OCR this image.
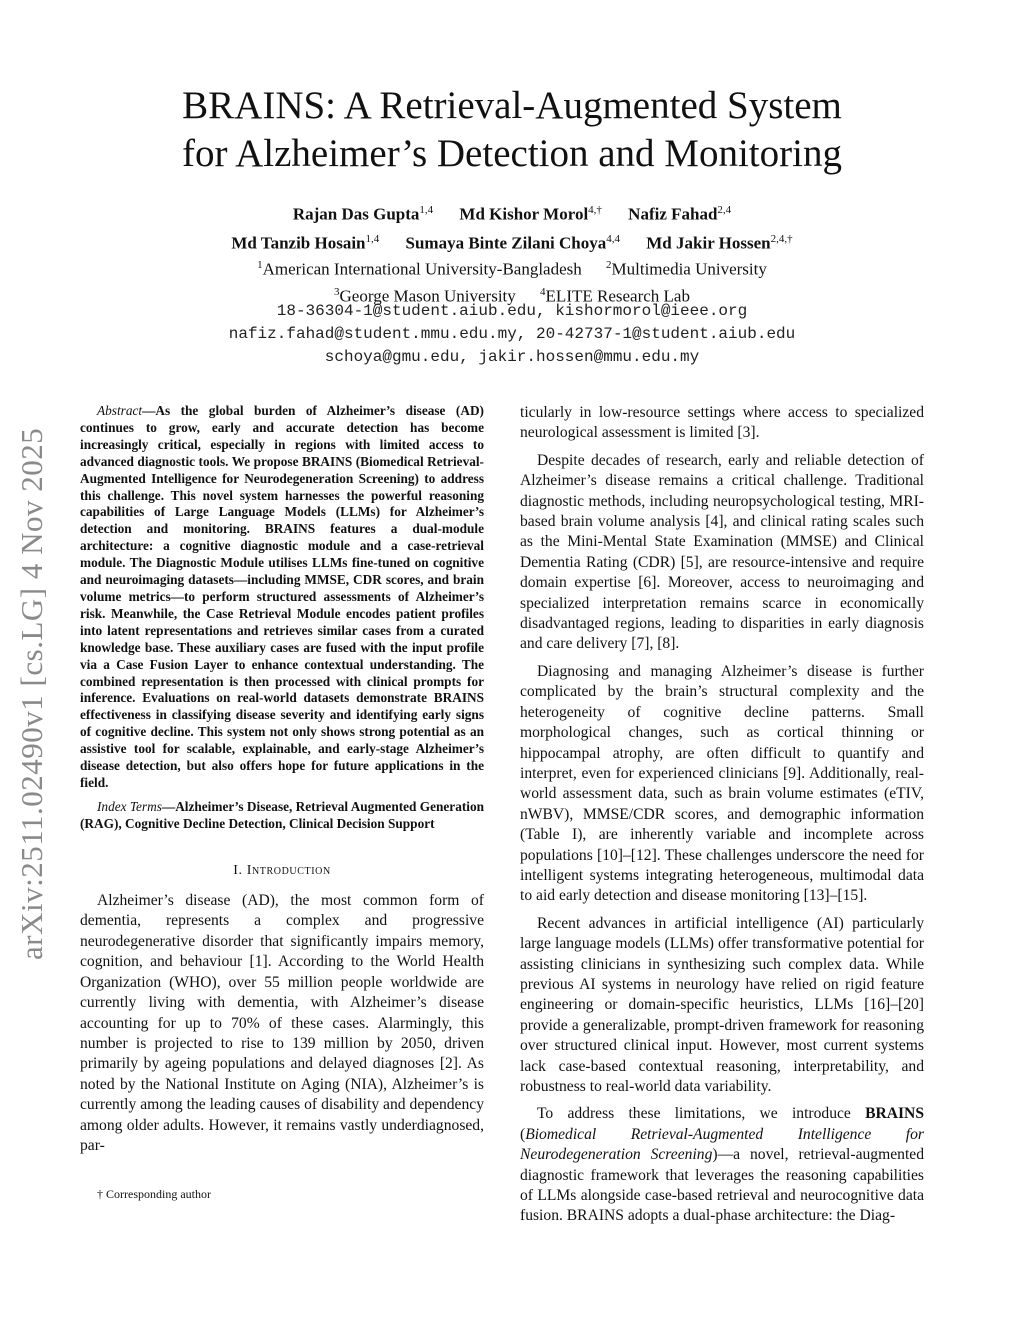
arXiv:2511.02490v1 [cs.LG] 4 Nov 2025
BRAINS: A Retrieval-Augmented System
for Alzheimer’s Detection and Monitoring
Rajan Das Gupta$^{1,4}$ Md Kishor Morol$^{4,\dagger}$ Nafiz Fahad$^{2,4}$
Md Tanzib Hosain$^{1,4}$ Sumaya Binte Zilani Choya$^{4,4}$ Md Jakir Hossen$^{2,4,\dagger}$
$^1$American International University-Bangladesh $^2$Multimedia University
$^3$George Mason University $^4$ELITE Research Lab
18-36304-1@student.aiub.edu, kishormorol@ieee.org
nafiz.fahad@student.mmu.edu.my, 20-42737-1@student.aiub.edu
schoya@gmu.edu, jakir.hossen@mmu.edu.my

Abstract—As the global burden of Alzheimer’s disease (AD) continues to grow, early and accurate detection has become increasingly critical, especially in regions with limited access to advanced diagnostic tools. We propose BRAINS (Biomedical Retrieval-Augmented Intelligence for Neurodegeneration Screening) to address this challenge. This novel system harnesses the powerful reasoning capabilities of Large Language Models (LLMs) for Alzheimer’s detection and monitoring. BRAINS features a dual-module architecture: a cognitive diagnostic module and a case-retrieval module. The Diagnostic Module utilises LLMs fine-tuned on cognitive and neuroimaging datasets—including MMSE, CDR scores, and brain volume metrics—to perform structured assessments of Alzheimer’s risk. Meanwhile, the Case Retrieval Module encodes patient profiles into latent representations and retrieves similar cases from a curated knowledge base. These auxiliary cases are fused with the input profile via a Case Fusion Layer to enhance contextual understanding. The combined representation is then processed with clinical prompts for inference. Evaluations on real-world datasets demonstrate BRAINS effectiveness in classifying disease severity and identifying early signs of cognitive decline. This system not only shows strong potential as an assistive tool for scalable, explainable, and early-stage Alzheimer’s disease detection, but also offers hope for future applications in the field.

Index Terms—Alzheimer’s Disease, Retrieval Augmented Generation (RAG), Cognitive Decline Detection, Clinical Decision Support

I. Introduction

Alzheimer’s disease (AD), the most common form of dementia, represents a complex and progressive neurodegenerative disorder that significantly impairs memory, cognition, and behaviour [1]. According to the World Health Organization (WHO), over 55 million people worldwide are currently living with dementia, with Alzheimer’s disease accounting for up to 70% of these cases. Alarmingly, this number is projected to rise to 139 million by 2050, driven primarily by ageing populations and delayed diagnoses [2]. As noted by the National Institute on Aging (NIA), Alzheimer’s is currently among the leading causes of disability and dependency among older adults. However, it remains vastly underdiagnosed, par-

† Corresponding author

ticularly in low-resource settings where access to specialized neurological assessment is limited [3].

Despite decades of research, early and reliable detection of Alzheimer’s disease remains a critical challenge. Traditional diagnostic methods, including neuropsychological testing, MRI-based brain volume analysis [4], and clinical rating scales such as the Mini-Mental State Examination (MMSE) and Clinical Dementia Rating (CDR) [5], are resource-intensive and require domain expertise [6]. Moreover, access to neuroimaging and specialized interpretation remains scarce in economically disadvantaged regions, leading to disparities in early diagnosis and care delivery [7], [8].

Diagnosing and managing Alzheimer’s disease is further complicated by the brain’s structural complexity and the heterogeneity of cognitive decline patterns. Small morphological changes, such as cortical thinning or hippocampal atrophy, are often difficult to quantify and interpret, even for experienced clinicians [9]. Additionally, real-world assessment data, such as brain volume estimates (eTIV, nWBV), MMSE/CDR scores, and demographic information (Table I), are inherently variable and incomplete across populations [10]–[12]. These challenges underscore the need for intelligent systems integrating heterogeneous, multimodal data to aid early detection and disease monitoring [13]–[15].

Recent advances in artificial intelligence (AI) particularly large language models (LLMs) offer transformative potential for assisting clinicians in synthesizing such complex data. While previous AI systems in neurology have relied on rigid feature engineering or domain-specific heuristics, LLMs [16]–[20] provide a generalizable, prompt-driven framework for reasoning over structured clinical input. However, most current systems lack case-based contextual reasoning, interpretability, and robustness to real-world data variability.

To address these limitations, we introduce BRAINS (Biomedical Retrieval-Augmented Intelligence for Neurodegeneration Screening)—a novel, retrieval-augmented diagnostic framework that leverages the reasoning capabilities of LLMs alongside case-based retrieval and neurocognitive data fusion. BRAINS adopts a dual-phase architecture: the Diag-
